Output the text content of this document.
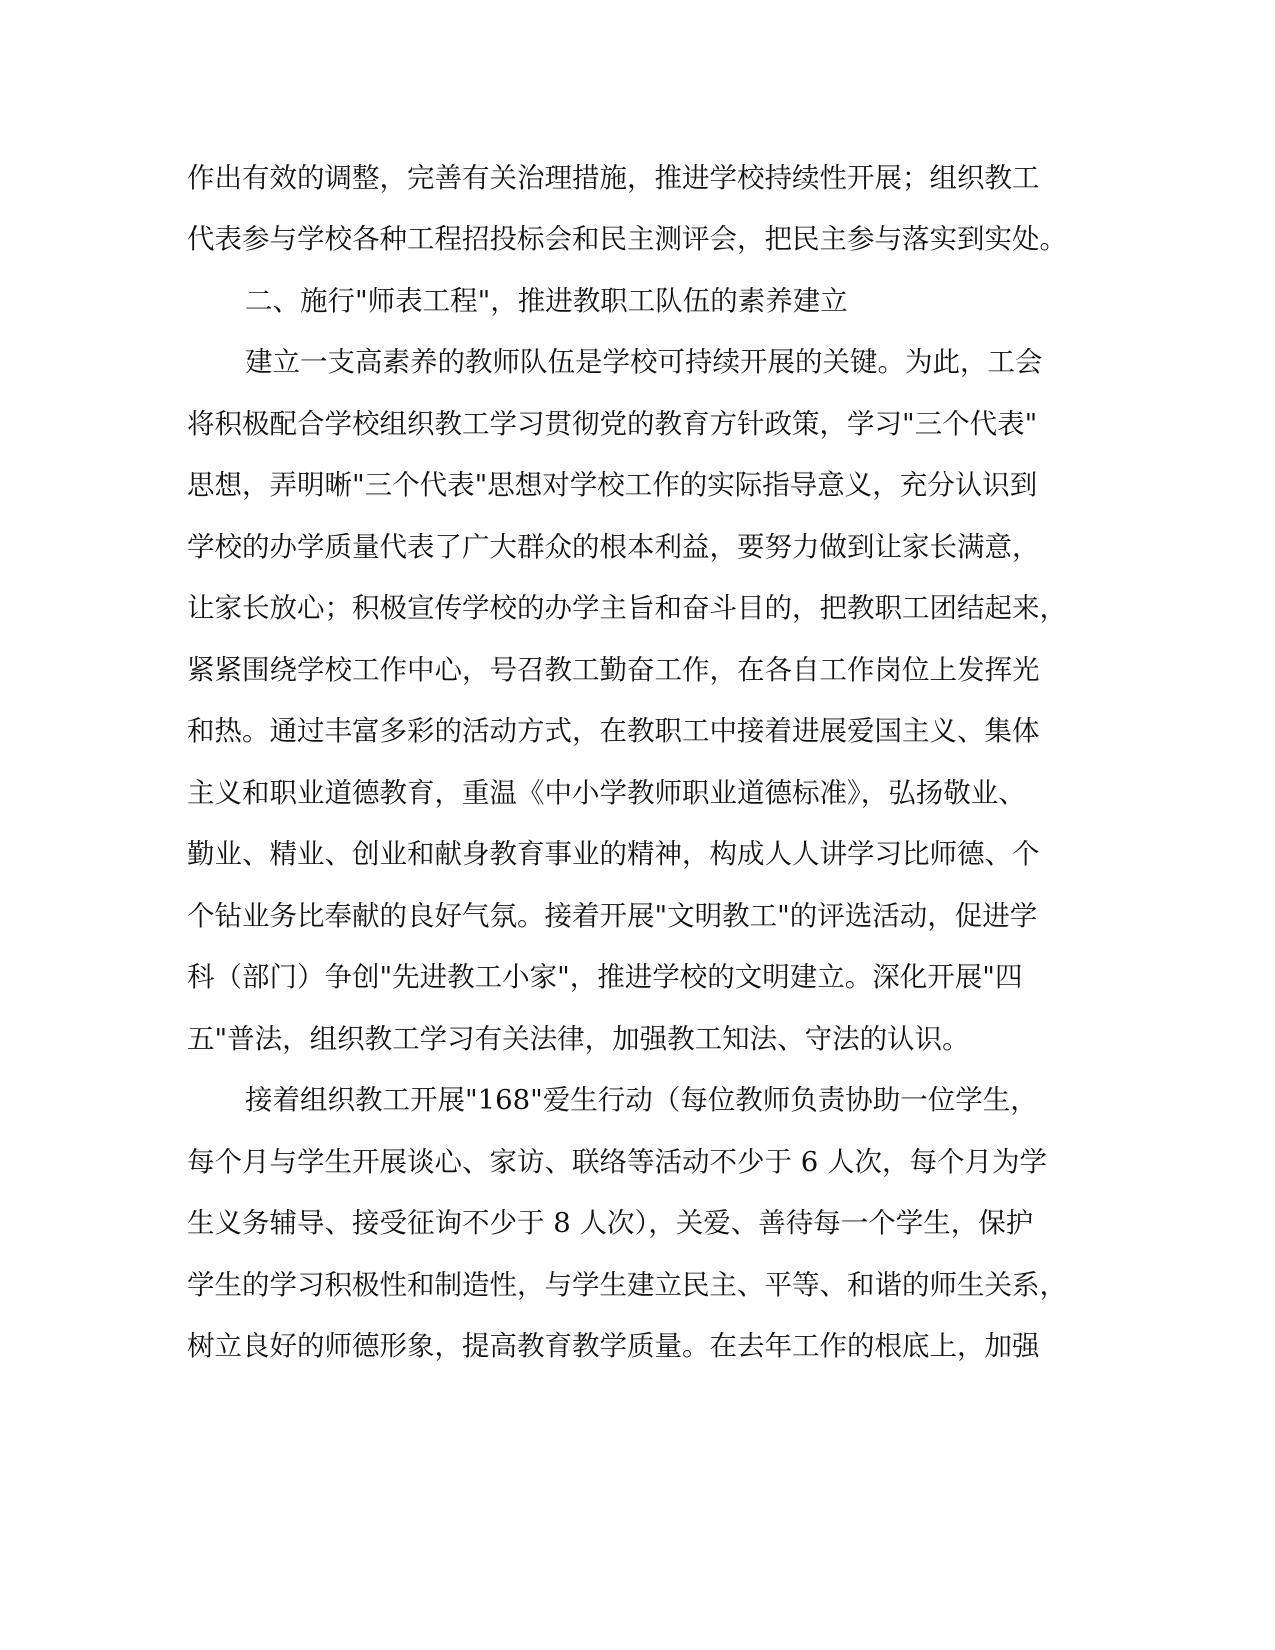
作出有效的调整，完善有关治理措施，推进学校持续性开展；组织教工
代表参与学校各种工程招投标会和民主测评会，把民主参与落实到实处。
二、施行"师表工程"，推进教职工队伍的素养建立
建立一支高素养的教师队伍是学校可持续开展的关键。为此，工会
将积极配合学校组织教工学习贯彻党的教育方针政策，学习"三个代表"
思想，弄明晰"三个代表"思想对学校工作的实际指导意义，充分认识到
学校的办学质量代表了广大群众的根本利益，要努力做到让家长满意，
让家长放心；积极宣传学校的办学主旨和奋斗目的，把教职工团结起来，
紧紧围绕学校工作中心，号召教工勤奋工作，在各自工作岗位上发挥光
和热。通过丰富多彩的活动方式，在教职工中接着进展爱国主义、集体
主义和职业道德教育，重温《中小学教师职业道德标准》，弘扬敬业、
勤业、精业、创业和献身教育事业的精神，构成人人讲学习比师德、个
个钻业务比奉献的良好气氛。接着开展"文明教工"的评选活动，促进学
科（部门）争创"先进教工小家"，推进学校的文明建立。深化开展"四
五"普法，组织教工学习有关法律，加强教工知法、守法的认识。
接着组织教工开展"168"爱生行动（每位教师负责协助一位学生，
每个月与学生开展谈心、家访、联络等活动不少于 6 人次，每个月为学
生义务辅导、接受征询不少于 8 人次），关爱、善待每一个学生，保护
学生的学习积极性和制造性，与学生建立民主、平等、和谐的师生关系，
树立良好的师德形象，提高教育教学质量。在去年工作的根底上，加强
